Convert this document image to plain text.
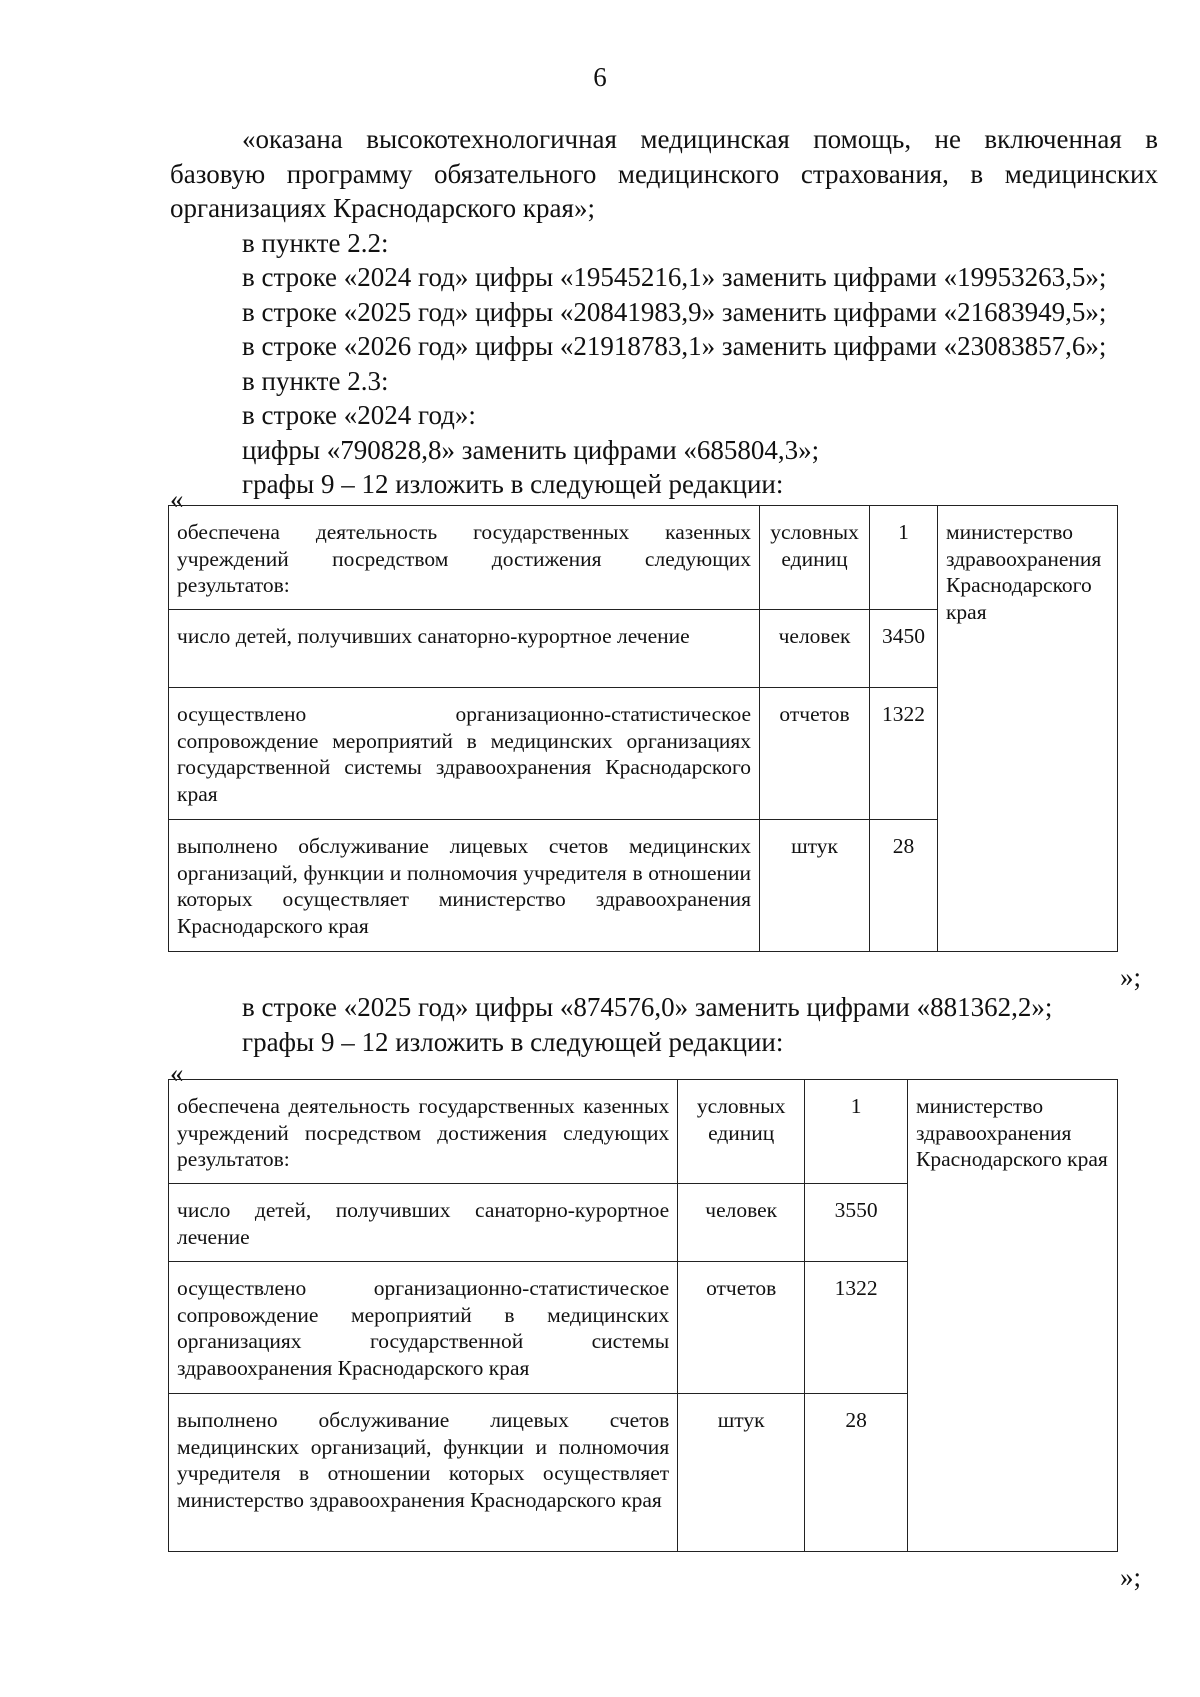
6

«оказана высокотехнологичная медицинская помощь, не включенная в базовую программу обязательного медицинского страхования, в медицинских организациях Краснодарского края»;

в пункте 2.2:

в строке «2024 год» цифры «19545216,1» заменить цифрами «19953263,5»;

в строке «2025 год» цифры «20841983,9» заменить цифрами «21683949,5»;

в строке «2026 год» цифры «21918783,1» заменить цифрами «23083857,6»;

в пункте 2.3:

в строке «2024 год»:

цифры «790828,8» заменить цифрами «685804,3»;

графы 9 – 12 изложить в следующей редакции:

«
обеспечена деятельность государственных казенных учреждений посредством достижения следующих результатов:	условных единиц	1	министерство здравоохранения Краснодарского края
число детей, получивших санаторно-курортное лечение	человек	3450	
осуществлено организационно-статистическое сопровождение мероприятий в медицинских организациях государственной системы здравоохранения Краснодарского края	отчетов	1322	
выполнено обслуживание лицевых счетов медицинских организаций, функции и полномочия учредителя в отношении которых осуществляет министерство здравоохранения Краснодарского края	штук	28	
»;

в строке «2025 год» цифры «874576,0» заменить цифрами «881362,2»;

графы 9 – 12 изложить в следующей редакции:

«
обеспечена деятельность государственных казенных учреждений посредством достижения следующих результатов:	условных единиц	1	министерство здравоохранения Краснодарского края
число детей, получивших санаторно-курортное лечение	человек	3550	
осуществлено организационно-статистическое сопровождение мероприятий в медицинских организациях государственной системы здравоохранения Краснодарского края	отчетов	1322	
выполнено обслуживание лицевых счетов медицинских организаций, функции и полномочия учредителя в отношении которых осуществляет министерство здравоохранения Краснодарского края	штук	28	
»;
